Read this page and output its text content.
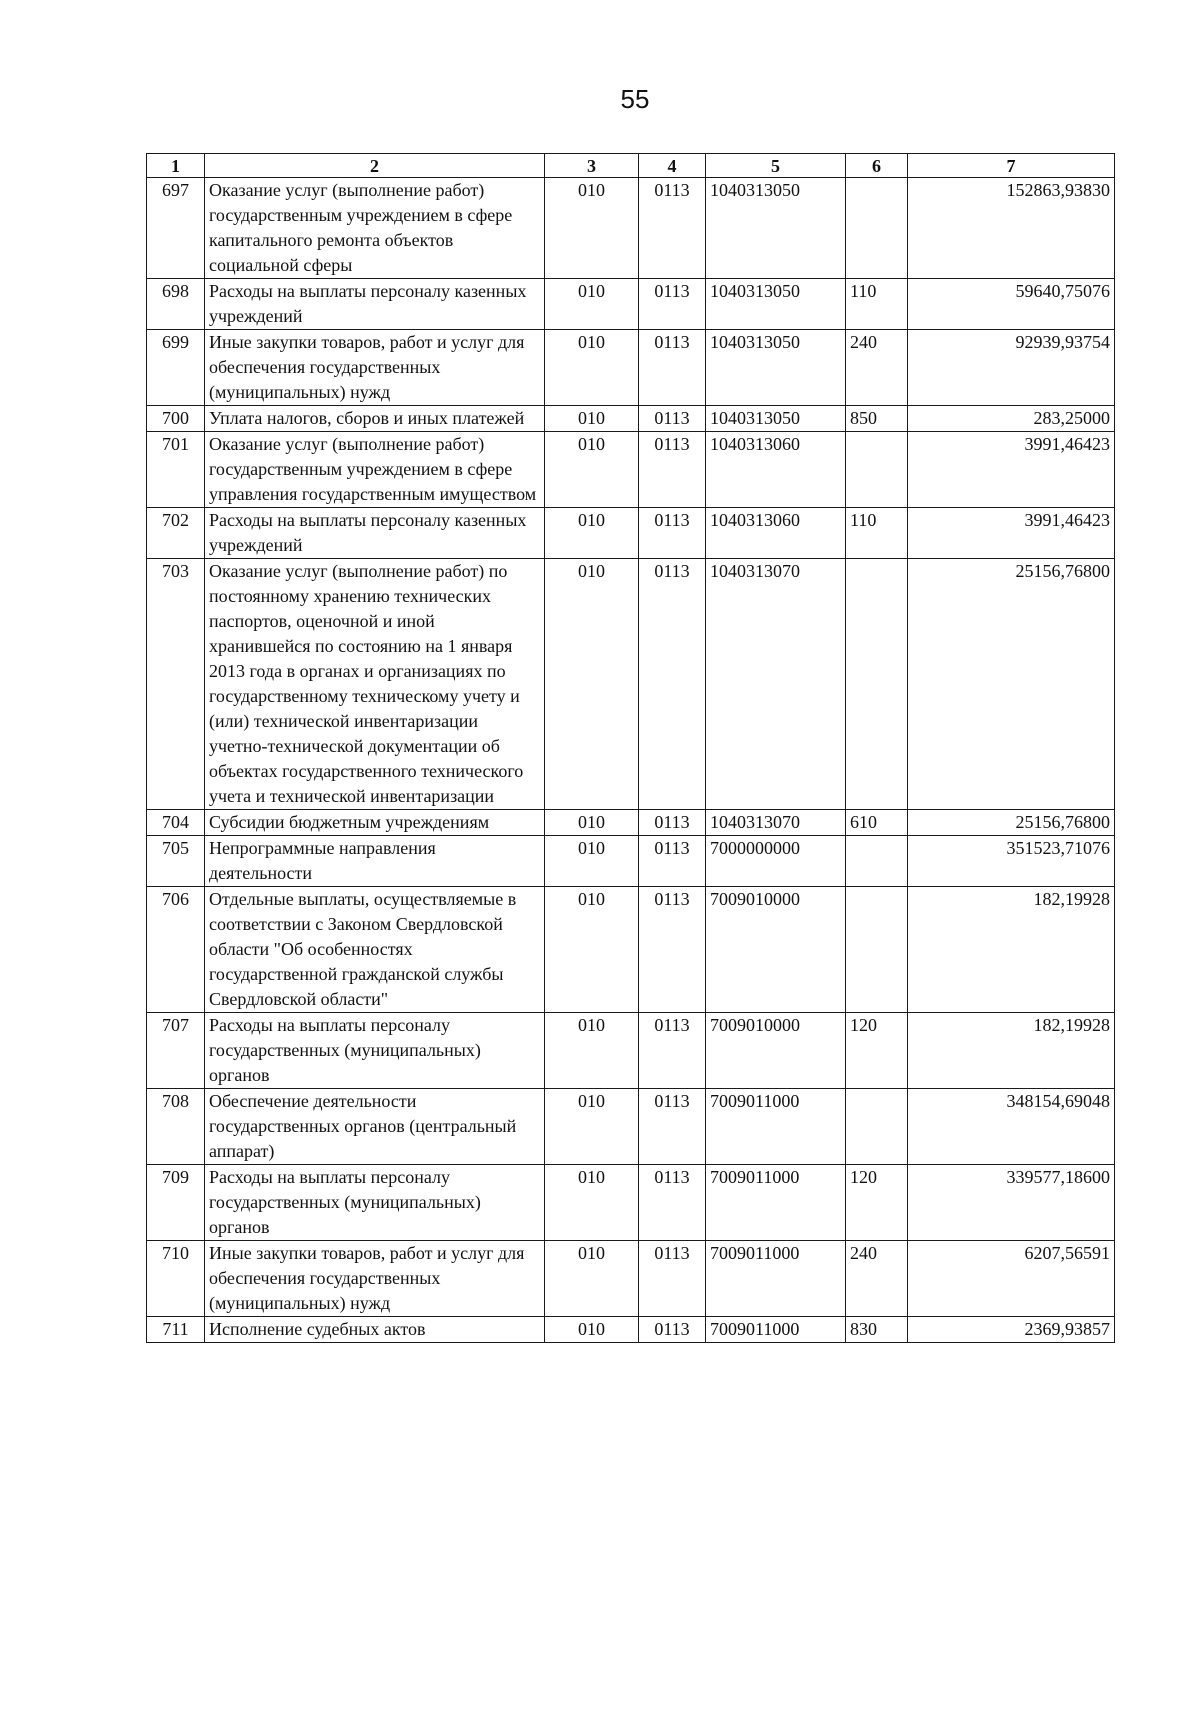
55
1	2	3	4	5	6	7
697	Оказание услуг (выполнение работ) государственным учреждением в сфере капитального ремонта объектов социальной сферы	010	0113	1040313050		152863,93830
698	Расходы на выплаты персоналу казенных учреждений	010	0113	1040313050	110	59640,75076
699	Иные закупки товаров, работ и услуг для обеспечения государственных (муниципальных) нужд	010	0113	1040313050	240	92939,93754
700	Уплата налогов, сборов и иных платежей	010	0113	1040313050	850	283,25000
701	Оказание услуг (выполнение работ) государственным учреждением в сфере управления государственным имуществом	010	0113	1040313060		3991,46423
702	Расходы на выплаты персоналу казенных учреждений	010	0113	1040313060	110	3991,46423
703	Оказание услуг (выполнение работ) по постоянному хранению технических паспортов, оценочной и иной хранившейся по состоянию на 1 января 2013 года в органах и организациях по государственному техническому учету и (или) технической инвентаризации учетно-технической документации об объектах государственного технического учета и технической инвентаризации	010	0113	1040313070		25156,76800
704	Субсидии бюджетным учреждениям	010	0113	1040313070	610	25156,76800
705	Непрограммные направления деятельности	010	0113	7000000000		351523,71076
706	Отдельные выплаты, осуществляемые в соответствии с Законом Свердловской области "Об особенностях государственной гражданской службы Свердловской области"	010	0113	7009010000		182,19928
707	Расходы на выплаты персоналу государственных (муниципальных) органов	010	0113	7009010000	120	182,19928
708	Обеспечение деятельности государственных органов (центральный аппарат)	010	0113	7009011000		348154,69048
709	Расходы на выплаты персоналу государственных (муниципальных) органов	010	0113	7009011000	120	339577,18600
710	Иные закупки товаров, работ и услуг для обеспечения государственных (муниципальных) нужд	010	0113	7009011000	240	6207,56591
711	Исполнение судебных актов	010	0113	7009011000	830	2369,93857
